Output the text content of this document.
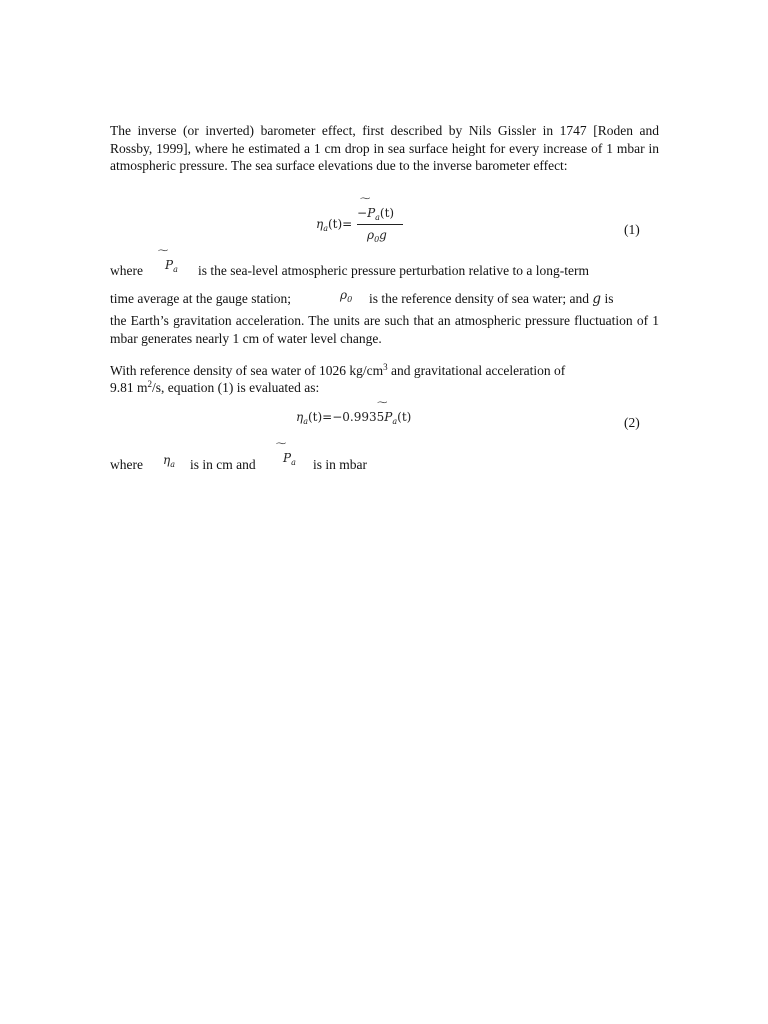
The inverse (or inverted) barometer effect, first described by Nils Gissler in 1747 [Roden and Rossby, 1999], where he estimated a 1 cm drop in sea surface height for every increase of 1 mbar in atmospheric pressure. The sea surface elevations due to the inverse barometer effect:
$\eta_a(t)=$
−
$P_a(t)$
$\rho_0g$	(1)
where $P_a$ is the sea-level atmospheric pressure perturbation relative to a long-term
time average at the gauge station;	$\rho_0$ is the reference density of sea water; and g is
the Earth’s gravitation acceleration. The units are such that an atmospheric pressure fluctuation of 1 mbar generates nearly 1 cm of water level change.
With reference density of sea water of 1026 $kg/cm^3$ and gravitational acceleration of
9.81 $m^2/s$, equation (1) is evaluated as:
$\eta_a(t)=-0.9935$
$P_a(t)$	(2)
where $\eta_a$ is in cm and $P_a$ is in mbar
